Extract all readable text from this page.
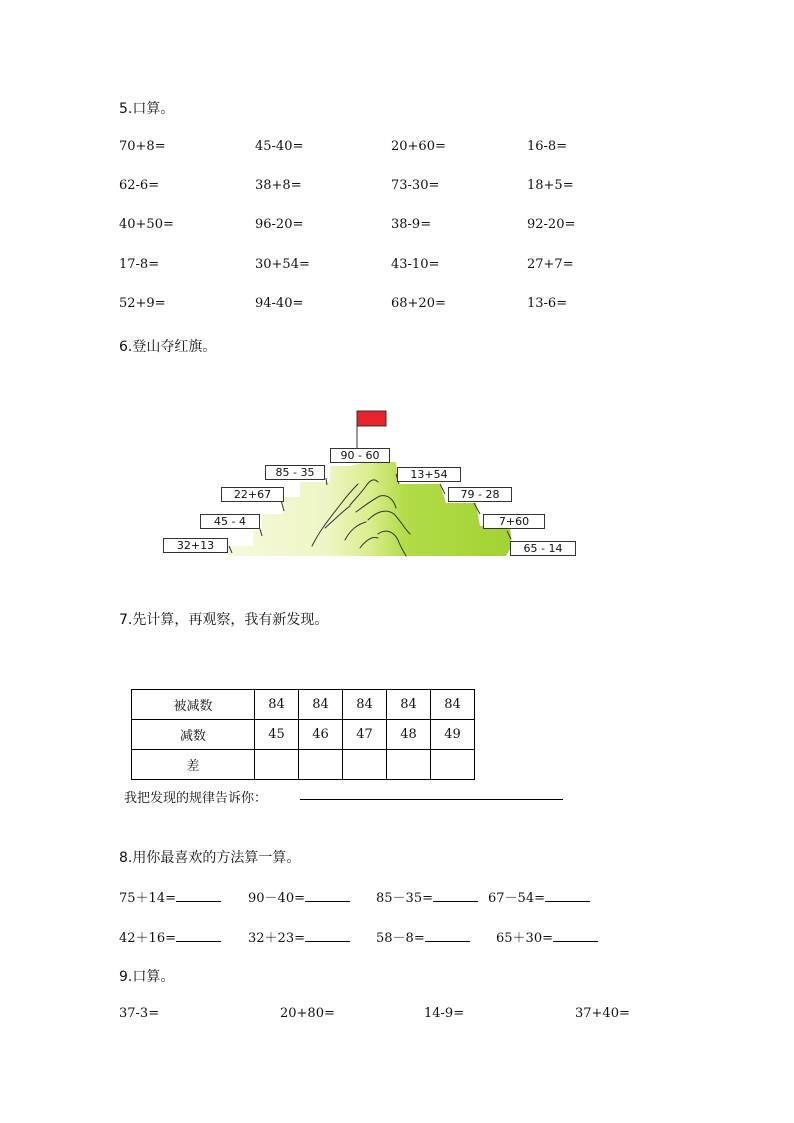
5.口算。
70+8=	45-40=	20+60=	16-8=
62-6=	38+8=	73-30=	18+5=
40+50=	96-20=	38-9=	92-20=
17-8=	30+54=	43-10=	27+7=
52+9=	94-40=	68+20=	13-6=
6.登山夺红旗。
90 - 60
85 - 35
22+67
45 - 4
32+13
13+54
79 - 28
7+60
65 - 14
7.先计算，再观察，我有新发现。
被减数	84	84	84	84	84
减数	45	46	47	48	49
差					
我把发现的规律告诉你：
8.用你最喜欢的方法算一算。
75＋14=	90－40=	85－35=	67－54=
42＋16=	32＋23=	58－8=	65＋30=
9.口算。
37-3=	20+80=	14-9=	37+40=
